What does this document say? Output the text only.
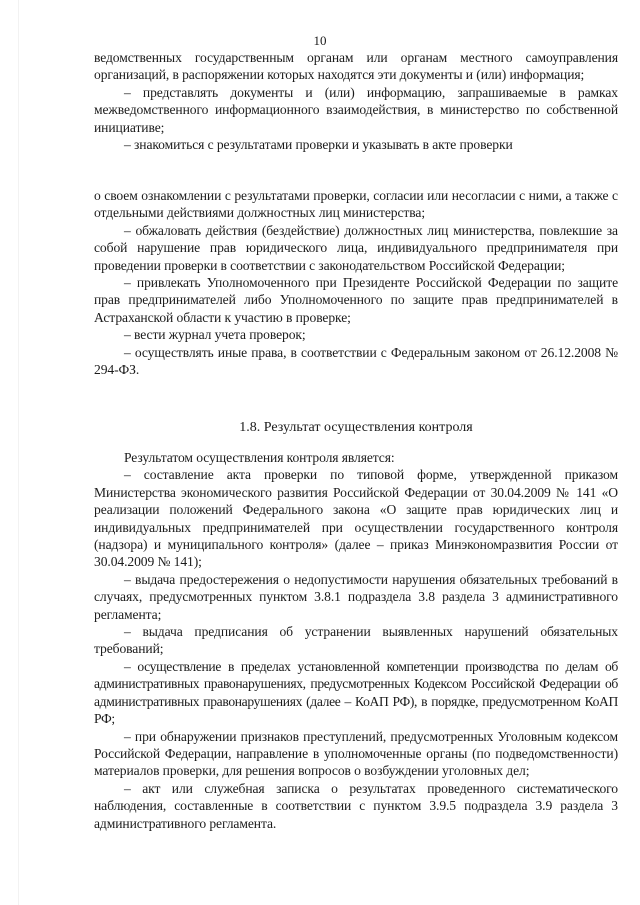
10

ведомственных государственным органам или органам местного самоуправления организаций, в распоряжении которых находятся эти документы и (или) информация;

– представлять документы и (или) информацию, запрашиваемые в рамках межведомственного информационного взаимодействия, в министерство по собственной инициативе;

– знакомиться с результатами проверки и указывать в акте проверки

о своем ознакомлении с результатами проверки, согласии или несогласии с ними, а также с отдельными действиями должностных лиц министерства;

– обжаловать действия (бездействие) должностных лиц министерства, повлекшие за собой нарушение прав юридического лица, индивидуального предпринимателя при проведении проверки в соответствии с законодательством Российской Федерации;

– привлекать Уполномоченного при Президенте Российской Федерации по защите прав предпринимателей либо Уполномоченного по защите прав предпринимателей в Астраханской области к участию в проверке;

– вести журнал учета проверок;

– осуществлять иные права, в соответствии с Федеральным законом от 26.12.2008 № 294-ФЗ.

1.8. Результат осуществления контроля

Результатом осуществления контроля является:

– составление акта проверки по типовой форме, утвержденной приказом Министерства экономического развития Российской Федерации от 30.04.2009 № 141 «О реализации положений Федерального закона «О защите прав юридических лиц и индивидуальных предпринимателей при осуществлении государственного контроля (надзора) и муниципального контроля» (далее – приказ Минэкономразвития России от 30.04.2009 № 141);

– выдача предостережения о недопустимости нарушения обязательных требований в случаях, предусмотренных пунктом 3.8.1 подраздела 3.8 раздела 3 административного регламента;

– выдача предписания об устранении выявленных нарушений обязательных требований;

– осуществление в пределах установленной компетенции производства по делам об административных правонарушениях, предусмотренных Кодексом Российской Федерации об административных правонарушениях (далее – КоАП РФ), в порядке, предусмотренном КоАП РФ;

– при обнаружении признаков преступлений, предусмотренных Уголовным кодексом Российской Федерации, направление в уполномоченные органы (по подведомственности) материалов проверки, для решения вопросов о возбуждении уголовных дел;

– акт или служебная записка о результатах проведенного систематического наблюдения, составленные в соответствии с пунктом 3.9.5 подраздела 3.9 раздела 3 административного регламента.
